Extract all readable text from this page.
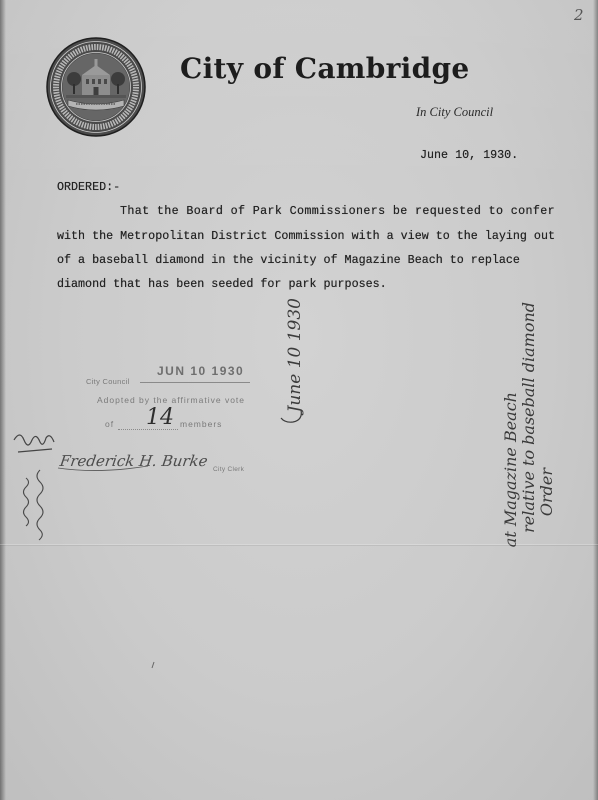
2
City of Cambridge
In City Council
June 10, 1930.
ORDERED:-
That the Board of Park Commissioners be requested to confer
with the Metropolitan District Commission with a view to the laying out
of a baseball diamond in the vicinity of Magazine Beach to replace
diamond that has been seeded for park purposes.
JUN 10 1930
City Council
Adopted by the affirmative vote
of 14 members
Frederick H. Burke City Clerk
June 10 1930
Order
relative to baseball diamond
at Magazine Beach
